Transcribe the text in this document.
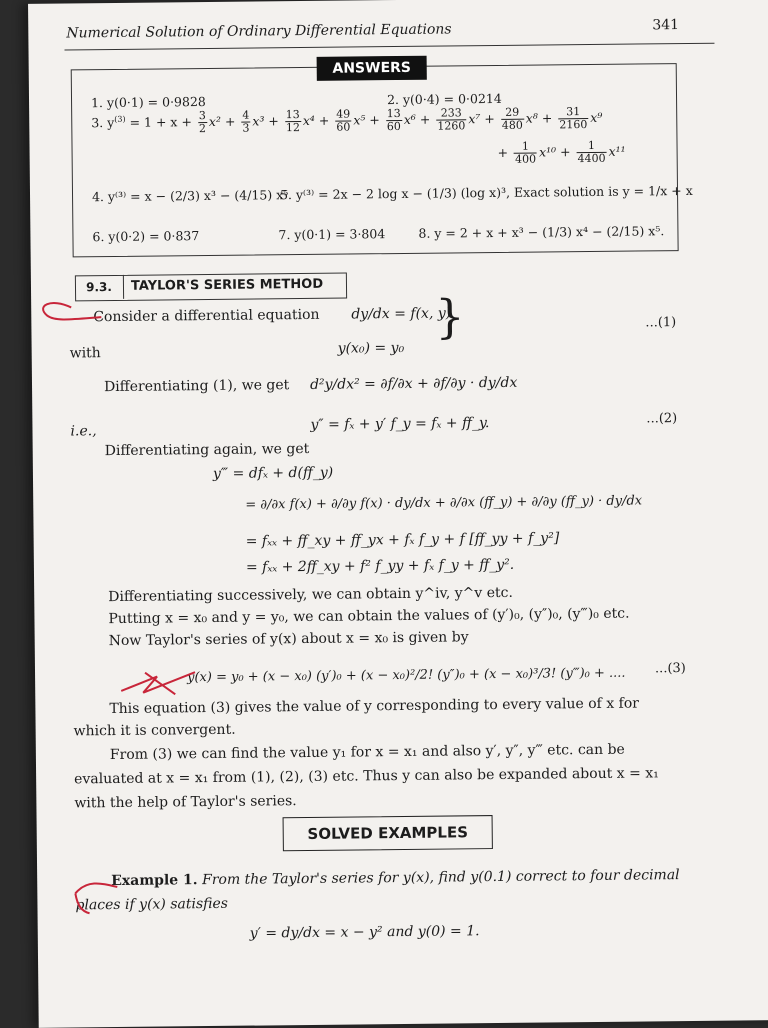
Numerical Solution of Ordinary Differential Equations	341
ANSWERS
1. y(0·1) = 0·9828	2. y(0·4) = 0·0214
3. $y^{(3)} = 1 + x + \frac{3}{2} x^2 + \frac{4}{3} x^3 + \frac{13}{12} x^4 + \frac{49}{60} x^5 + \frac{13}{60} x^6 + \frac{233}{1260} x^7 + \frac{29}{480} x^8 + \frac{31}{2160} x^9$
+ $\frac{1}{400} x^{10} + \frac{1}{4400} x^{11}$
4. y⁽³⁾ = x − (2/3) x³ − (4/15) x⁵
5. y⁽³⁾ = 2x − 2 log x − (1/3) (log x)³, Exact solution is y = 1/x + x
6. y(0·2) = 0·837	7. y(0·1) = 3·804	8. y = 2 + x + x³ − (1/3) x⁴ − (2/15) x⁵.
9.3.	TAYLOR'S SERIES METHOD
Consider a differential equation dy/dx = f(x, y)
}	...(1)
with	y(x₀) = y₀
Differentiating (1), we get d²y/dx² = ∂f/∂x + ∂f/∂y · dy/dx
i.e.,	y″ = fₓ + y′ f_y = fₓ + ff_y.	...(2)
Differentiating again, we get
y‴ = dfₓ + d(ff_y)
= ∂/∂x f(x) + ∂/∂y f(x) · dy/dx + ∂/∂x (ff_y) + ∂/∂y (ff_y) · dy/dx
= fₓₓ + ff_xy + ff_yx + fₓ f_y + f [ff_yy + f_y²]
= fₓₓ + 2ff_xy + f² f_yy + fₓ f_y + ff_y².
Differentiating successively, we can obtain y^iv, y^v etc.
Putting x = x₀ and y = y₀, we can obtain the values of (y′)₀, (y″)₀, (y‴)₀ etc.
Now Taylor's series of y(x) about x = x₀ is given by
y(x) = y₀ + (x − x₀) (y′)₀ + (x − x₀)²/2! (y″)₀ + (x − x₀)³/3! (y‴)₀ + .... ...(3)
This equation (3) gives the value of y corresponding to every value of x for
which it is convergent.
From (3) we can find the value y₁ for x = x₁ and also y′, y″, y‴ etc. can be
evaluated at x = x₁ from (1), (2), (3) etc. Thus y can also be expanded about x = x₁
with the help of Taylor's series.
SOLVED EXAMPLES
Example 1. From the Taylor's series for y(x), find y(0.1) correct to four decimal
places if y(x) satisfies
y′ = dy/dx = x − y² and y(0) = 1.
